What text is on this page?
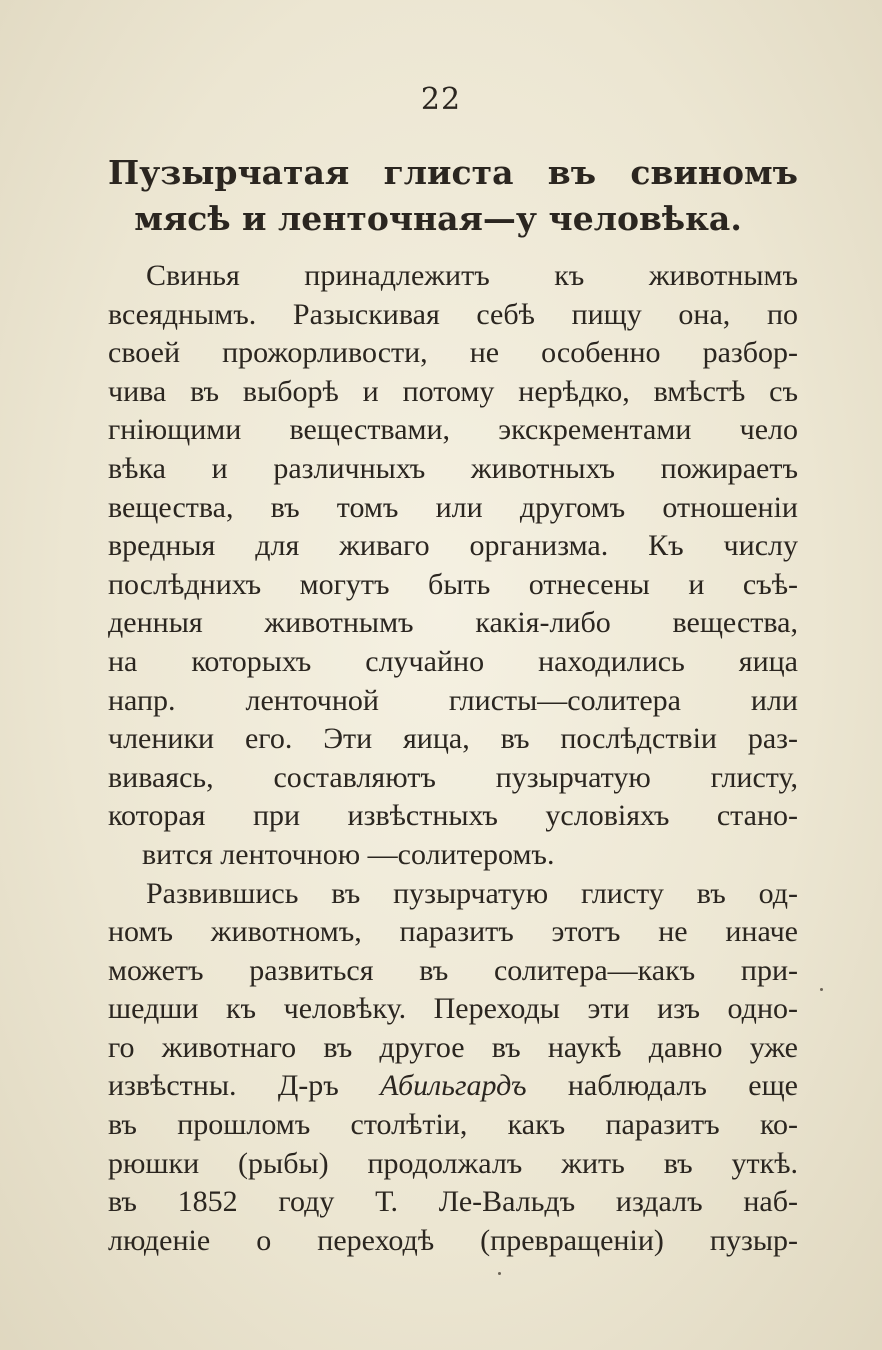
22
Пузырчатая глиста въ свиномъ
мясѣ и ленточная—у человѣка.
Свинья принадлежитъ къ животнымъ
всеяднымъ. Разыскивая себѣ пищу она, по
своей прожорливости, не особенно разбор-
чива въ выборѣ и потому нерѣдко, вмѣстѣ съ
гніющими веществами, экскрементами чело
вѣка и различныхъ животныхъ пожираетъ
вещества, въ томъ или другомъ отношеніи
вредныя для живаго организма. Къ числу
послѣднихъ могутъ быть отнесены и съѣ-
денныя животнымъ какія-либо вещества,
на которыхъ случайно находились яица
напр. ленточной глисты—солитера или
членики его. Эти яица, въ послѣдствіи раз-
виваясь, составляютъ пузырчатую глисту,
которая при извѣстныхъ условіяхъ стано-
вится ленточною —солитеромъ.
Развившись въ пузырчатую глисту въ од-
номъ животномъ, паразитъ этотъ не иначе
можетъ развиться въ солитера—какъ при-
шедши къ человѣку. Переходы эти изъ одно-
го животнаго въ другое въ наукѣ давно уже
извѣстны. Д-ръ Абильгардъ наблюдалъ еще
въ прошломъ столѣтіи, какъ паразитъ ко-
рюшки (рыбы) продолжалъ жить въ уткѣ.
въ 1852 году Т. Ле-Вальдъ издалъ наб-
люденіе о переходѣ (превращеніи) пузыр-
